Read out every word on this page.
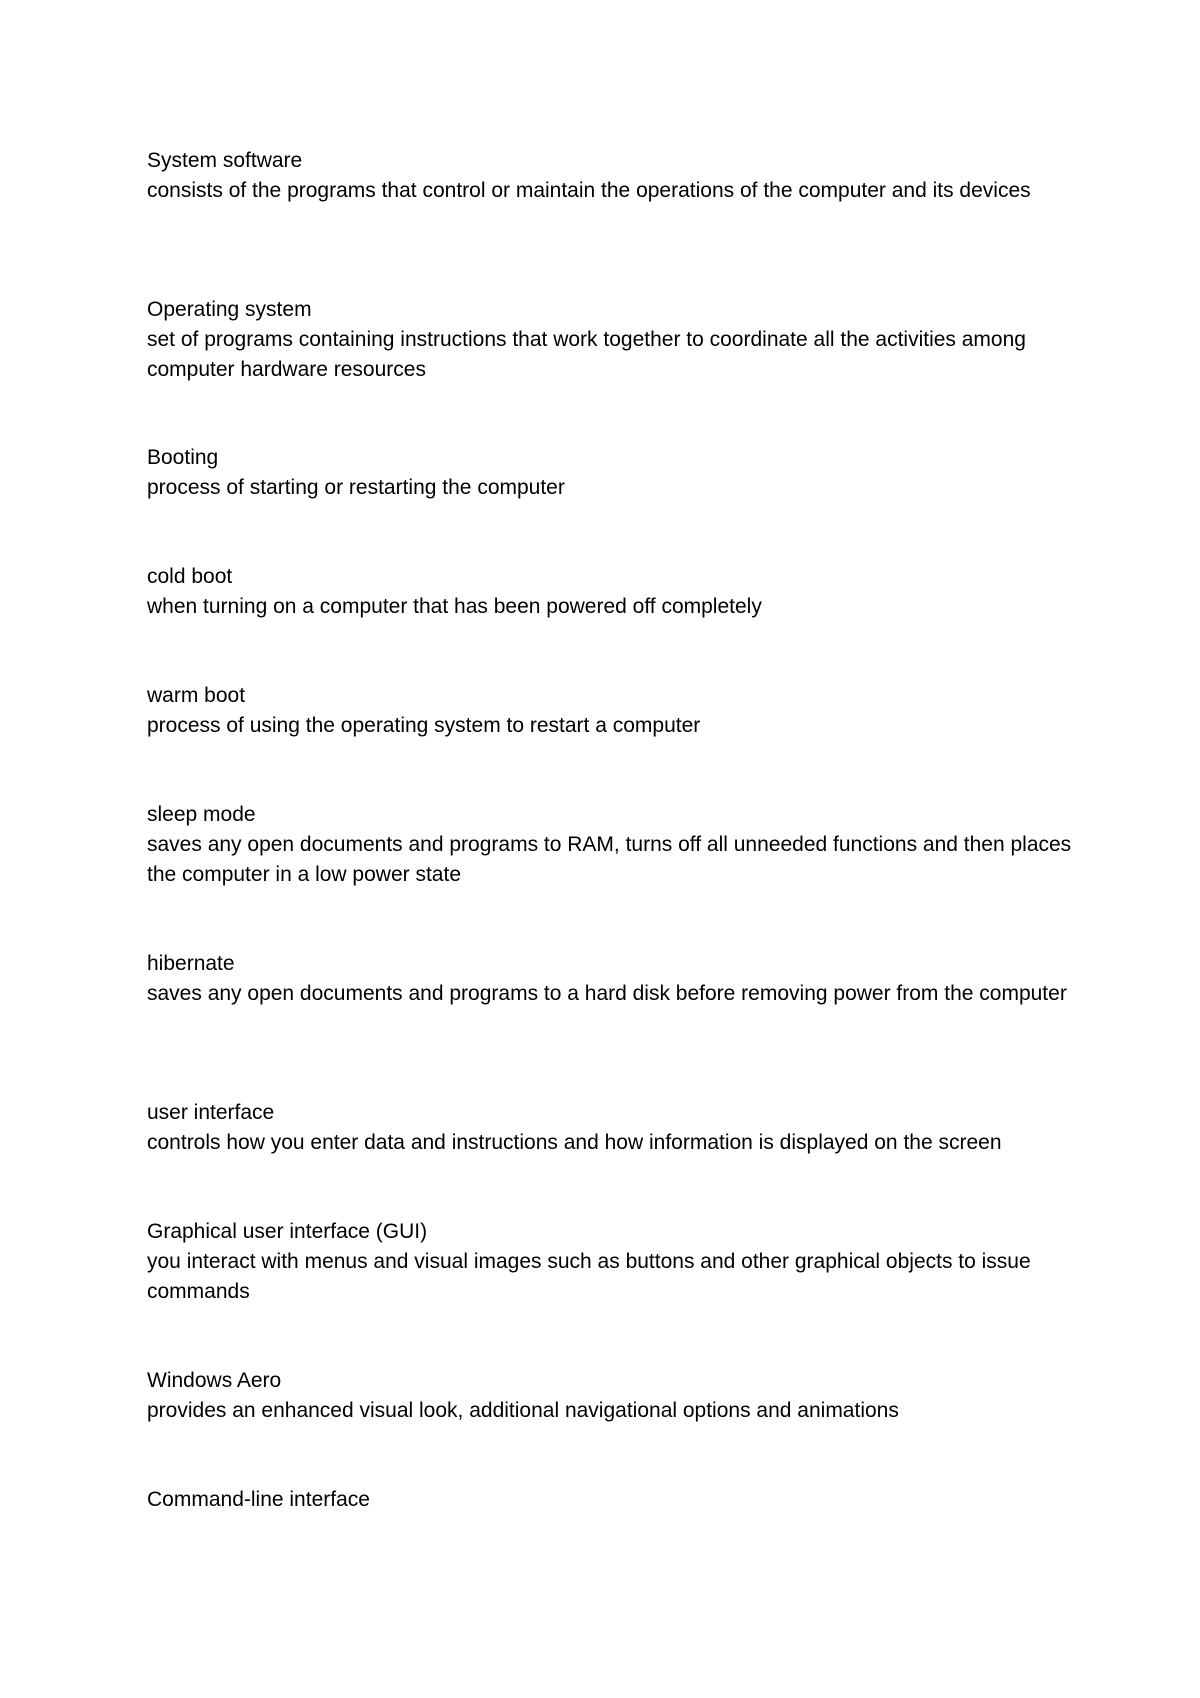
System software
consists of the programs that control or maintain the operations of the computer and its devices
Operating system
set of programs containing instructions that work together to coordinate all the activities among computer hardware resources
Booting
process of starting or restarting the computer
cold boot
when turning on a computer that has been powered off completely
warm boot
process of using the operating system to restart a computer
sleep mode
saves any open documents and programs to RAM, turns off all unneeded functions and then places the computer in a low power state
hibernate
saves any open documents and programs to a hard disk before removing power from the computer
user interface
controls how you enter data and instructions and how information is displayed on the screen
Graphical user interface (GUI)
you interact with menus and visual images such as buttons and other graphical objects to issue commands
Windows Aero
provides an enhanced visual look, additional navigational options and animations
Command-line interface
